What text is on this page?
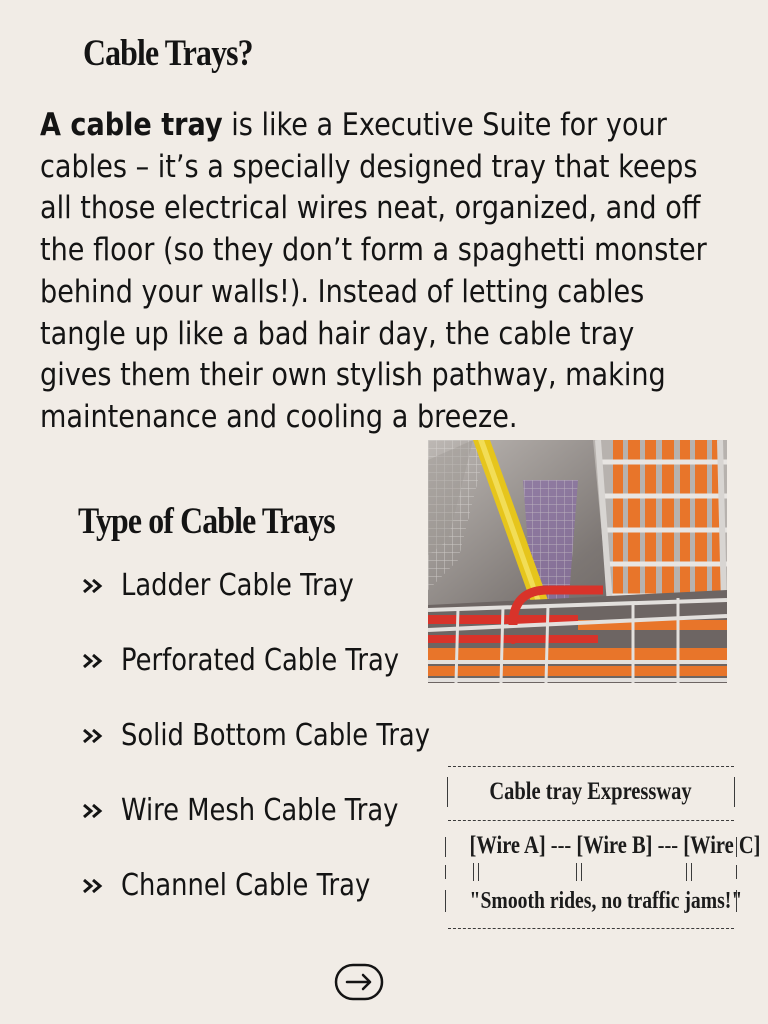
Cable Trays?

A cable tray is like a Executive Suite for your cables – it’s a specially designed tray that keeps all those electrical wires neat, organized, and off the floor (so they don’t form a spaghetti monster behind your walls!). Instead of letting cables tangle up like a bad hair day, the cable tray gives them their own stylish pathway, making maintenance and cooling a breeze.

Type of Cable Trays
Ladder Cable Tray
Perforated Cable Tray
Solid Bottom Cable Tray
Wire Mesh Cable Tray
Channel Cable Tray
Cable tray Expressway
[Wire A] --- [Wire B] --- [Wire C]
"Smooth rides, no traffic jams!"
